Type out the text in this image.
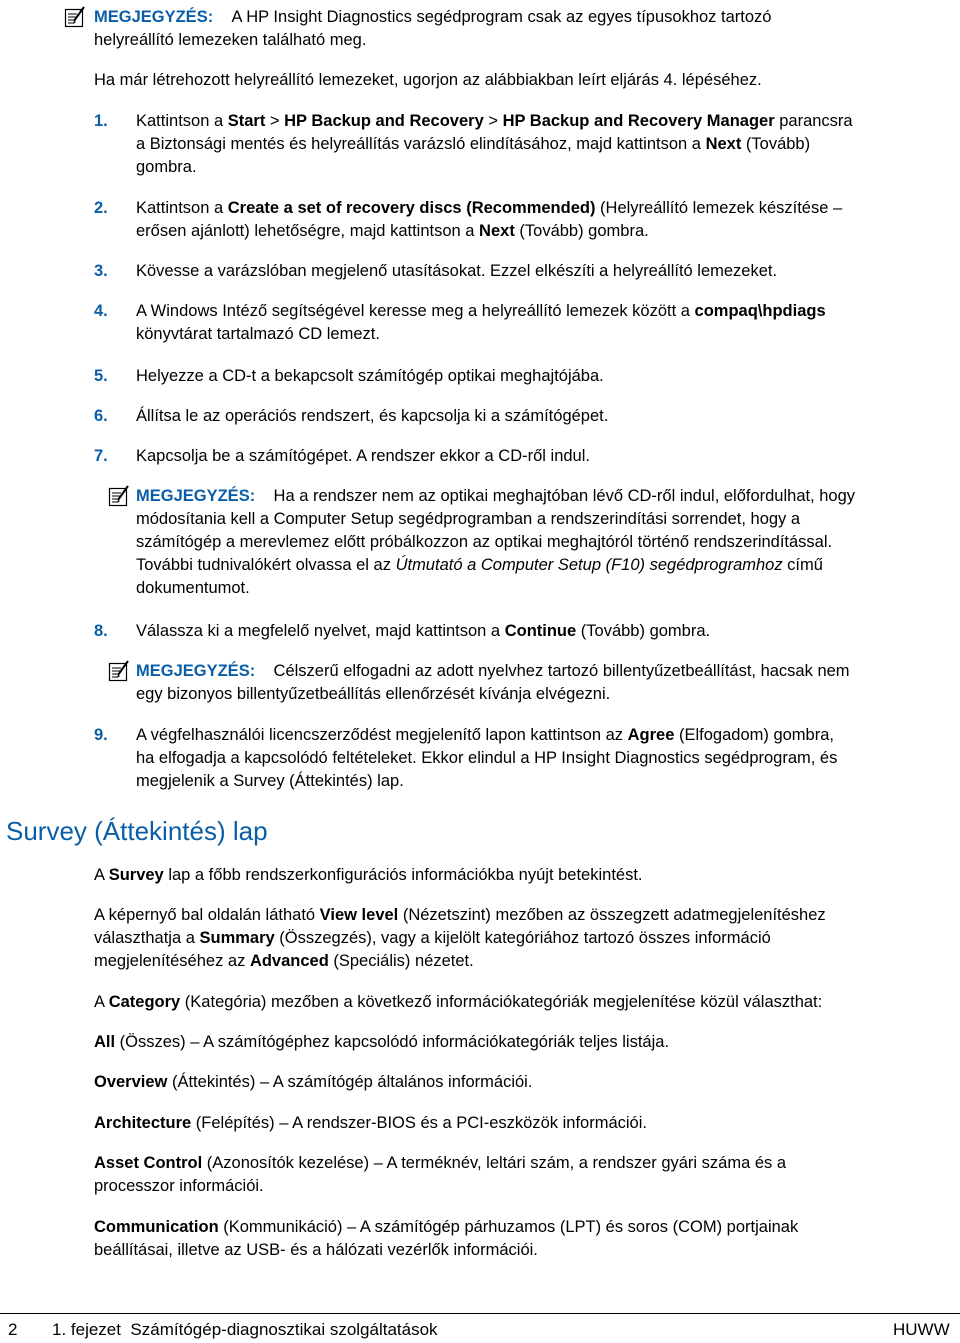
MEGJEGYZÉS: A HP Insight Diagnostics segédprogram csak az egyes típusokhoz tartozó
helyreállító lemezeken található meg.
Ha már létrehozott helyreállító lemezeket, ugorjon az alábbiakban leírt eljárás 4. lépéséhez.
1.	Kattintson a Start > HP Backup and Recovery > HP Backup and Recovery Manager parancsra
a Biztonsági mentés és helyreállítás varázsló elindításához, majd kattintson a Next (Tovább)
gombra.
2.	Kattintson a Create a set of recovery discs (Recommended) (Helyreállító lemezek készítése –
erősen ajánlott) lehetőségre, majd kattintson a Next (Tovább) gombra.
3.	Kövesse a varázslóban megjelenő utasításokat. Ezzel elkészíti a helyreállító lemezeket.
4.	A Windows Intéző segítségével keresse meg a helyreállító lemezek között a compaq\hpdiags
könyvtárat tartalmazó CD lemezt.
5.	Helyezze a CD-t a bekapcsolt számítógép optikai meghajtójába.
6.	Állítsa le az operációs rendszert, és kapcsolja ki a számítógépet.
7.	Kapcsolja be a számítógépet. A rendszer ekkor a CD-ről indul.
MEGJEGYZÉS: Ha a rendszer nem az optikai meghajtóban lévő CD-ről indul, előfordulhat, hogy
módosítania kell a Computer Setup segédprogramban a rendszerindítási sorrendet, hogy a
számítógép a merevlemez előtt próbálkozzon az optikai meghajtóról történő rendszerindítással.
További tudnivalókért olvassa el az Útmutató a Computer Setup (F10) segédprogramhoz című
dokumentumot.
8.	Válassza ki a megfelelő nyelvet, majd kattintson a Continue (Tovább) gombra.
MEGJEGYZÉS: Célszerű elfogadni az adott nyelvhez tartozó billentyűzetbeállítást, hacsak nem
egy bizonyos billentyűzetbeállítás ellenőrzését kívánja elvégezni.
9.	A végfelhasználói licencszerződést megjelenítő lapon kattintson az Agree (Elfogadom) gombra,
ha elfogadja a kapcsolódó feltételeket. Ekkor elindul a HP Insight Diagnostics segédprogram, és
megjelenik a Survey (Áttekintés) lap.
Survey (Áttekintés) lap
A Survey lap a főbb rendszerkonfigurációs információkba nyújt betekintést.
A képernyő bal oldalán látható View level (Nézetszint) mezőben az összegzett adatmegjelenítéshez
választhatja a Summary (Összegzés), vagy a kijelölt kategóriához tartozó összes információ
megjelenítéséhez az Advanced (Speciális) nézetet.
A Category (Kategória) mezőben a következő információkategóriák megjelenítése közül választhat:
All (Összes) – A számítógéphez kapcsolódó információkategóriák teljes listája.
Overview (Áttekintés) – A számítógép általános információi.
Architecture (Felépítés) – A rendszer-BIOS és a PCI-eszközök információi.
Asset Control (Azonosítók kezelése) – A terméknév, leltári szám, a rendszer gyári száma és a
processzor információi.
Communication (Kommunikáció) – A számítógép párhuzamos (LPT) és soros (COM) portjainak
beállításai, illetve az USB- és a hálózati vezérlők információi.
2 1. fejezet  Számítógép-diagnosztikai szolgáltatások	HUWW
